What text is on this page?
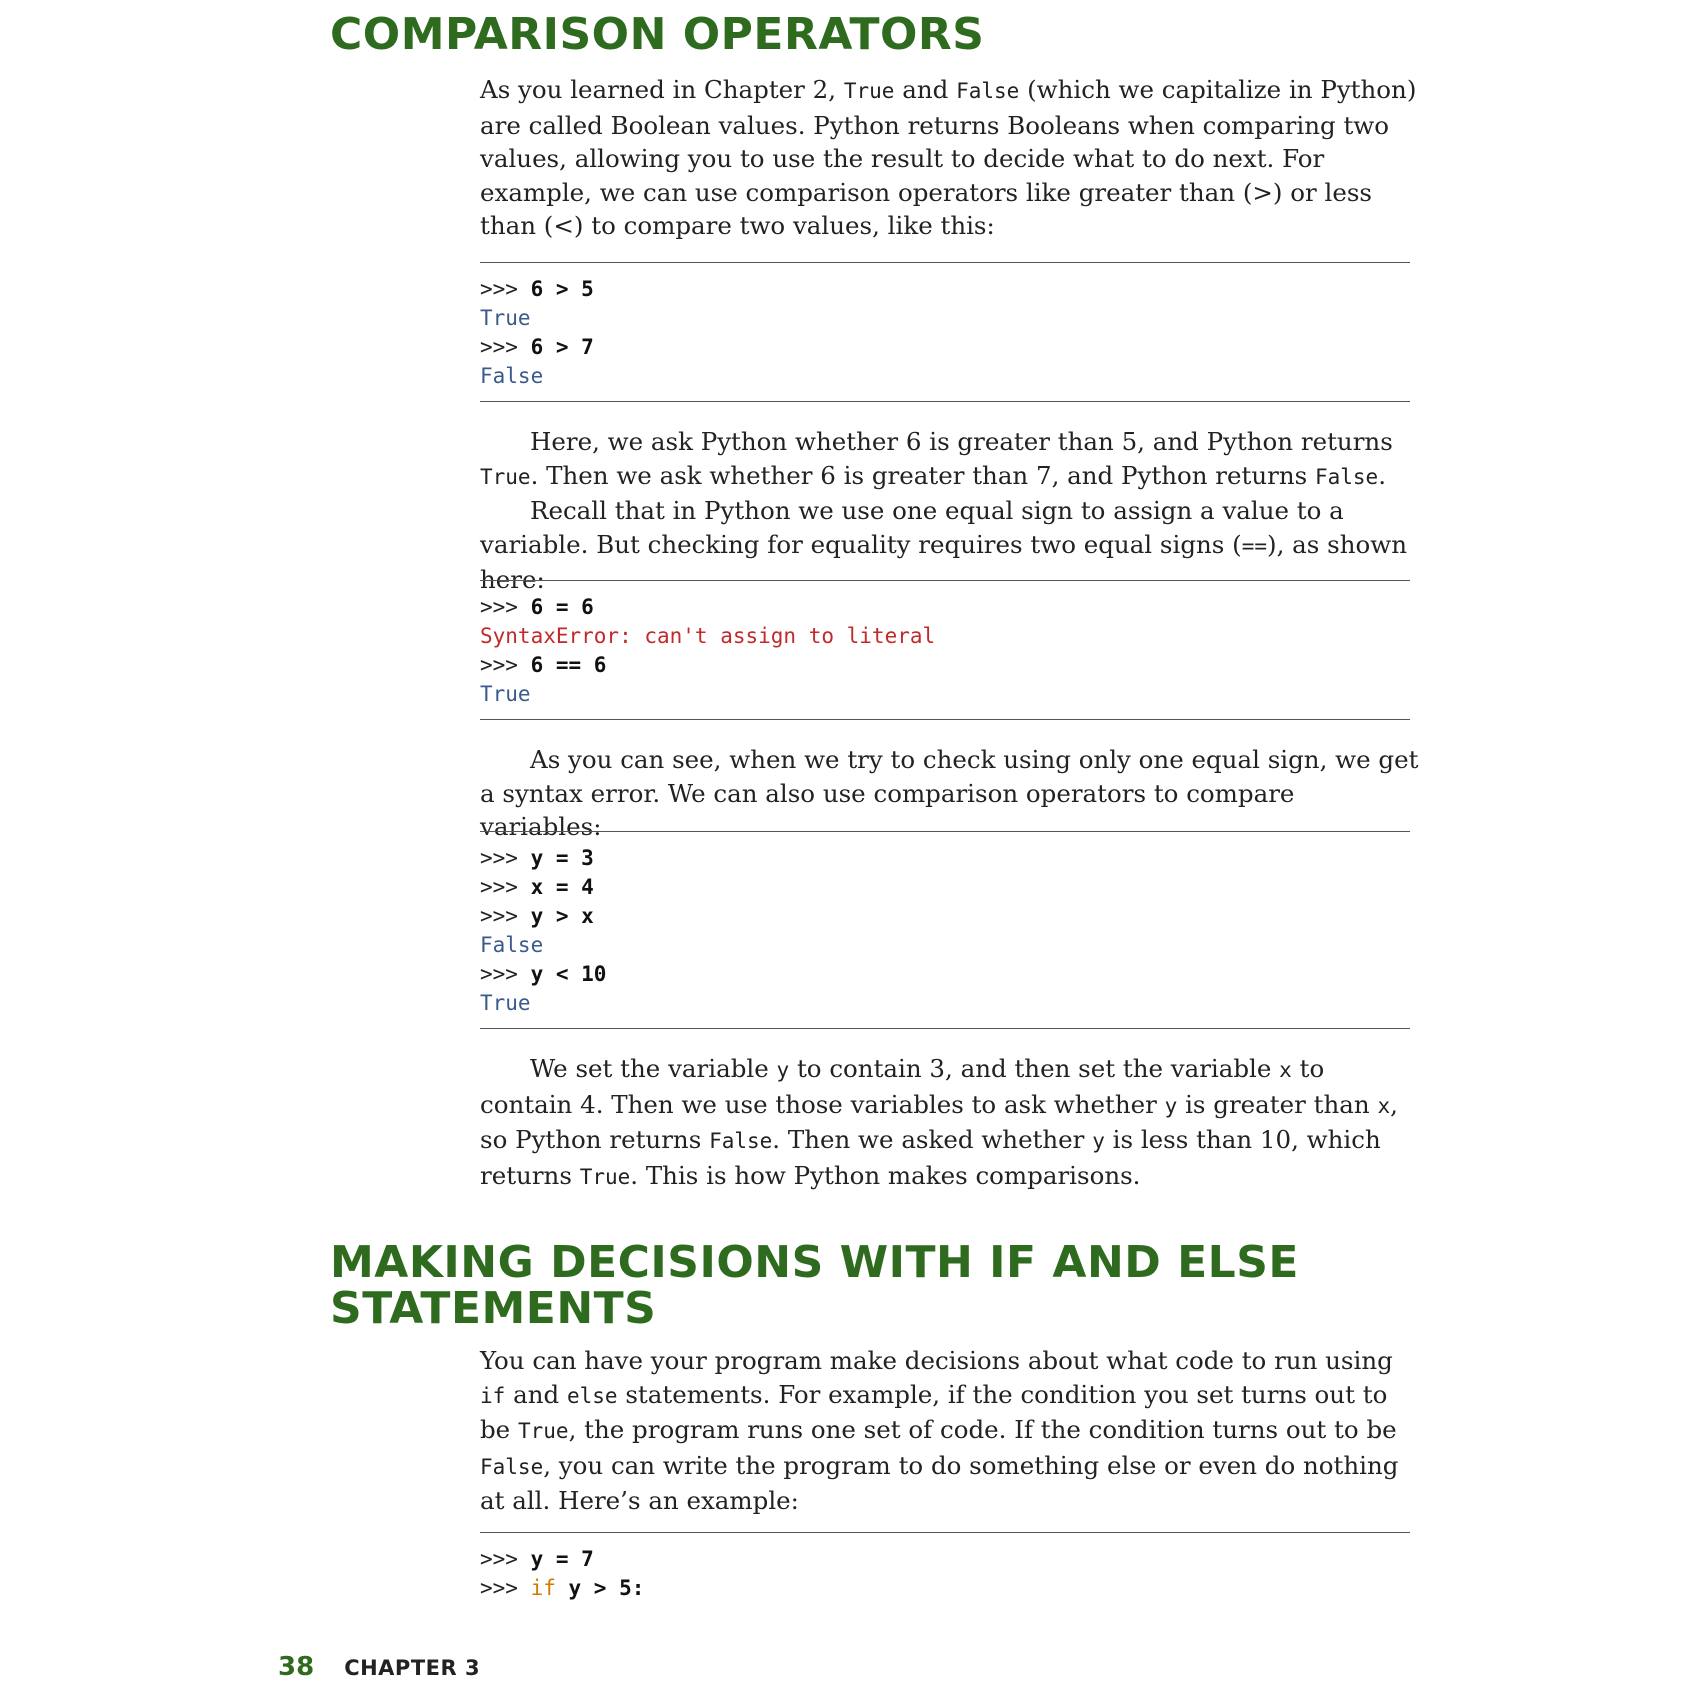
COMPARISON OPERATORS

As you learned in Chapter 2, True and False (which we capitalize in Python) are called Boolean values. Python returns Booleans when comparing two values, allowing you to use the result to decide what to do next. For example, we can use comparison operators like greater than (>) or less than (<) to compare two values, like this:

>>> 6 > 5
True
>>> 6 > 7
False

Here, we ask Python whether 6 is greater than 5, and Python returns True. Then we ask whether 6 is greater than 7, and Python returns False.
Recall that in Python we use one equal sign to assign a value to a variable. But checking for equality requires two equal signs (==), as shown here:

>>> 6 = 6
SyntaxError: can't assign to literal
>>> 6 == 6
True

As you can see, when we try to check using only one equal sign, we get a syntax error. We can also use comparison operators to compare variables:

>>> y = 3
>>> x = 4
>>> y > x
False
>>> y < 10
True

We set the variable y to contain 3, and then set the variable x to contain 4. Then we use those variables to ask whether y is greater than x, so Python returns False. Then we asked whether y is less than 10, which returns True. This is how Python makes comparisons.

MAKING DECISIONS WITH IF AND ELSE
STATEMENTS

You can have your program make decisions about what code to run using if and else statements. For example, if the condition you set turns out to be True, the program runs one set of code. If the condition turns out to be False, you can write the program to do something else or even do nothing at all. Here’s an example:

>>> y = 7
>>> if y > 5:
38 CHAPTER 3
